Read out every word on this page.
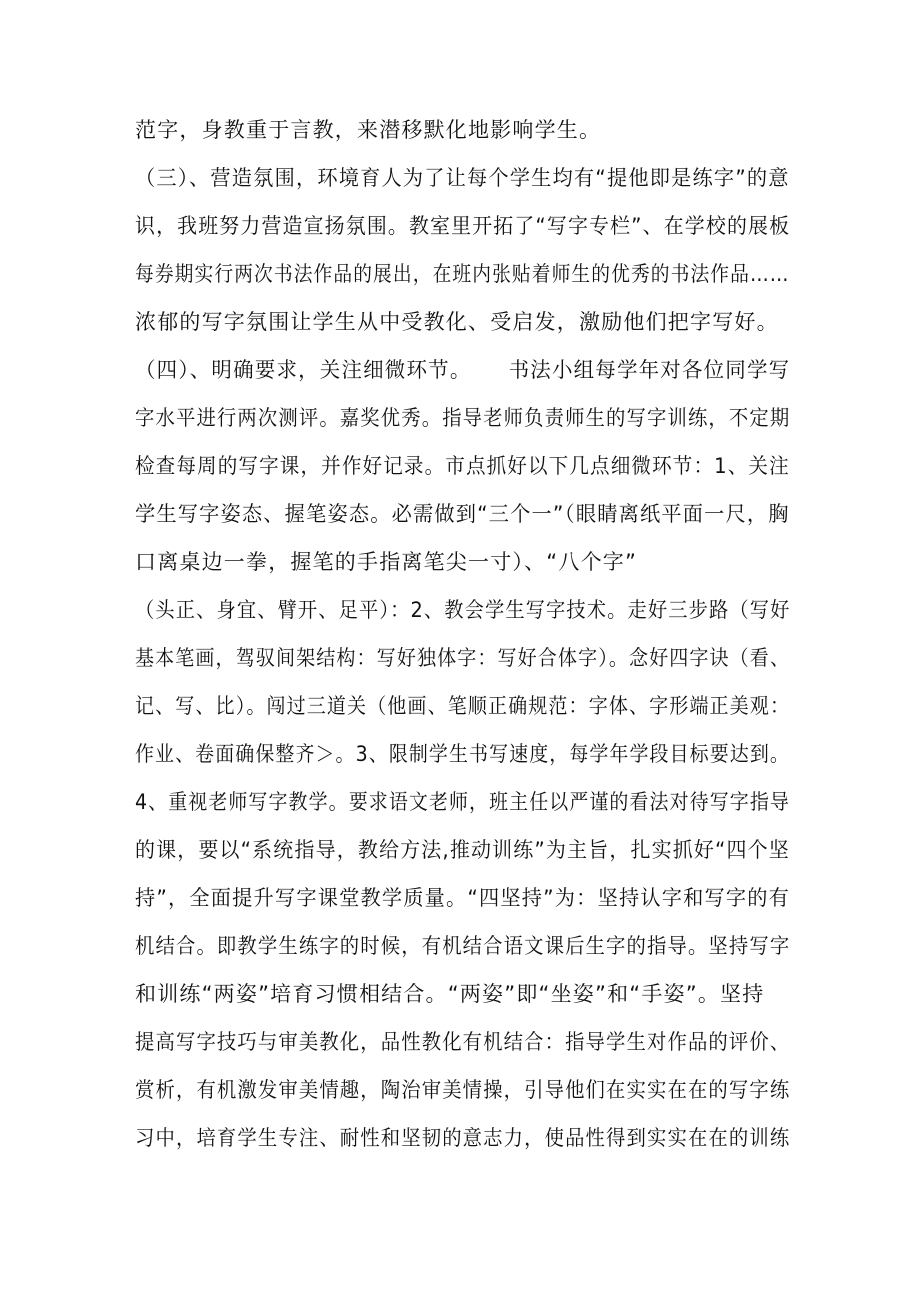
范字，身教重于言教，来潜移默化地影响学生。
（三）、营造氛围，环境育人为了让每个学生均有“提他即是练字”的意
识，我班努力营造宣扬氛围。教室里开拓了“写字专栏”、在学校的展板
每券期实行两次书法作品的展出，在班内张贴着师生的优秀的书法作品……
浓郁的写字氛围让学生从中受教化、受启发，激励他们把字写好。
（四）、明确要求，关注细微环节。 书法小组每学年对各位同学写
字水平进行两次测评。嘉奖优秀。指导老师负责师生的写字训练，不定期
检查每周的写字课，并作好记录。市点抓好以下几点细微环节：1、关注
学生写字姿态、握笔姿态。必需做到“三个一”（眼睛离纸平面一尺，胸
口离桌边一拳，握笔的手指离笔尖一寸）、“八个字”
（头正、身宜、臂开、足平）：2、教会学生写字技术。走好三步路（写好
基本笔画，驾驭间架结构：写好独体字：写好合体字）。念好四字诀（看、
记、写、比）。闯过三道关（他画、笔顺正确规范：字体、字形端正美观：
作业、卷面确保整齐＞。3、限制学生书写速度，每学年学段目标要达到。
4、重视老师写字教学。要求语文老师，班主任以严谨的看法对待写字指导
的课，要以“系统指导，教给方法,推动训练”为主旨，扎实抓好“四个坚
持”，全面提升写字课堂教学质量。“四坚持”为：坚持认字和写字的有
机结合。即教学生练字的时候，有机结合语文课后生字的指导。坚持写字
和训练“两姿”培育习惯相结合。“两姿”即“坐姿”和“手姿”。坚持
提高写字技巧与审美教化，品性教化有机结合：指导学生对作品的评价、
赏析，有机激发审美情趣，陶治审美情操，引导他们在实实在在的写字练
习中，培育学生专注、耐性和坚韧的意志力，使品性得到实实在在的训练
